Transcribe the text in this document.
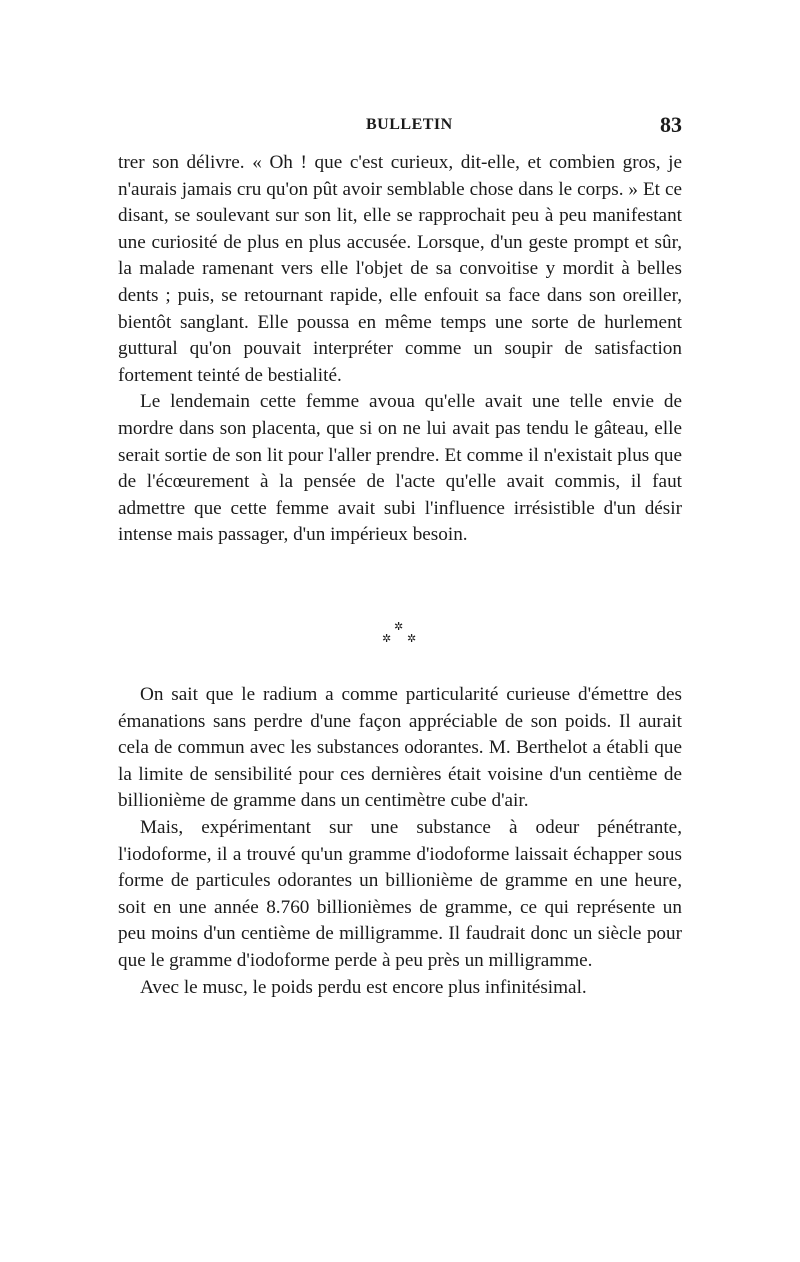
BULLETIN	83

trer son délivre. « Oh ! que c'est curieux, dit-elle, et combien gros, je n'aurais jamais cru qu'on pût avoir semblable chose dans le corps. » Et ce disant, se soulevant sur son lit, elle se rapprochait peu à peu manifestant une curiosité de plus en plus accusée. Lorsque, d'un geste prompt et sûr, la malade ramenant vers elle l'objet de sa convoitise y mordit à belles dents ; puis, se retournant rapide, elle enfouit sa face dans son oreiller, bientôt sanglant. Elle poussa en même temps une sorte de hurlement guttural qu'on pouvait interpréter comme un soupir de satisfaction fortement teinté de bestialité.

Le lendemain cette femme avoua qu'elle avait une telle envie de mordre dans son placenta, que si on ne lui avait pas tendu le gâteau, elle serait sortie de son lit pour l'aller prendre. Et comme il n'existait plus que de l'écœurement à la pensée de l'acte qu'elle avait commis, il faut admettre que cette femme avait subi l'influence irrésistible d'un désir intense mais passager, d'un impérieux besoin.

✲
✲ ✲

On sait que le radium a comme particularité curieuse d'émettre des émanations sans perdre d'une façon appréciable de son poids. Il aurait cela de commun avec les substances odorantes. M. Berthelot a établi que la limite de sensibilité pour ces dernières était voisine d'un centième de billionième de gramme dans un centimètre cube d'air.

Mais, expérimentant sur une substance à odeur pénétrante, l'iodoforme, il a trouvé qu'un gramme d'iodoforme laissait échapper sous forme de particules odorantes un billionième de gramme en une heure, soit en une année 8.760 billionièmes de gramme, ce qui représente un peu moins d'un centième de milligramme. Il faudrait donc un siècle pour que le gramme d'iodoforme perde à peu près un milligramme.

Avec le musc, le poids perdu est encore plus infinitésimal.
